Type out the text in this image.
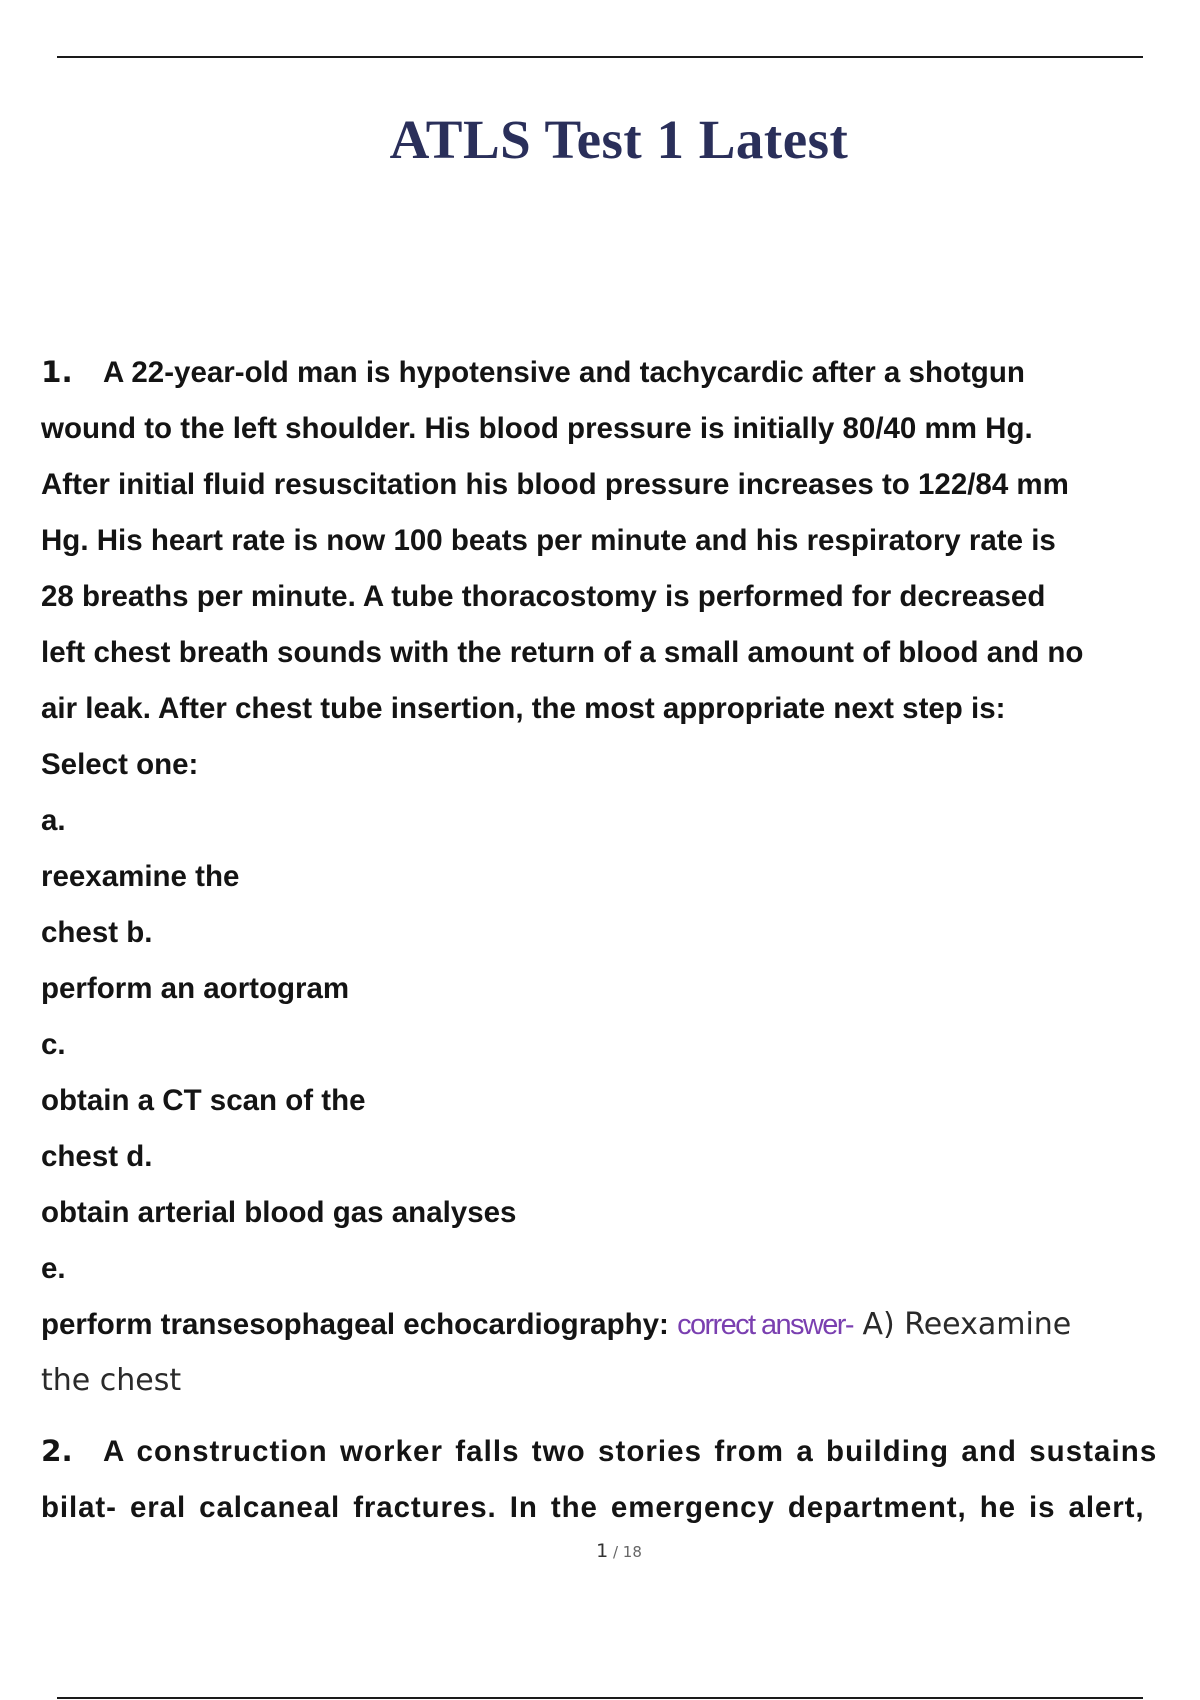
ATLS Test 1 Latest
1. A 22-year-old man is hypotensive and tachycardic after a shotgun
wound to the left shoulder. His blood pressure is initially 80/40 mm Hg.
After initial fluid resuscitation his blood pressure increases to 122/84 mm
Hg. His heart rate is now 100 beats per minute and his respiratory rate is
28 breaths per minute. A tube thoracostomy is performed for decreased
left chest breath sounds with the return of a small amount of blood and no
air leak. After chest tube insertion, the most appropriate next step is:
Select one:
a.
reexamine the
chest b.
perform an aortogram
c.
obtain a CT scan of the
chest d.
obtain arterial blood gas analyses
e.
perform transesophageal echocardiography: correct answer- A) Reexamine
the chest
2. A construction worker falls two stories from a building and sustains
bilat- eral calcaneal fractures. In the emergency department, he is alert,
1 / 18
